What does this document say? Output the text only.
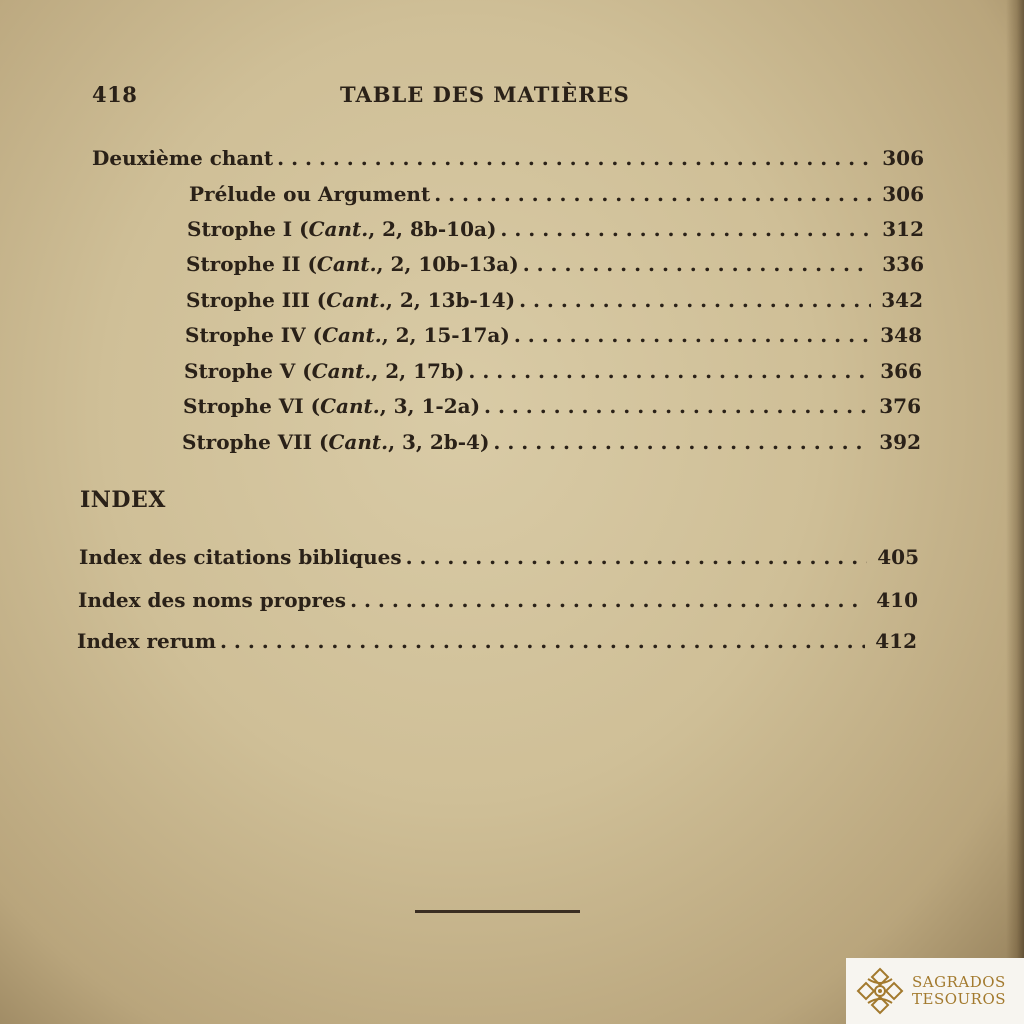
418	TABLE DES MATIÈRES
Deuxième chant . . .	306
Prélude ou Argument . . .	306
Strophe I (Cant., 2, 8b-10a) . . .	312
Strophe II (Cant., 2, 10b-13a) . . .	336
Strophe III (Cant., 2, 13b-14) . . .	342
Strophe IV (Cant., 2, 15-17a) . . .	348
Strophe V (Cant., 2, 17b) . . .	366
Strophe VI (Cant., 3, 1-2a) . . .	376
Strophe VII (Cant., 3, 2b-4) . . .	392
INDEX
Index des citations bibliques . . .	405
Index des noms propres . . .	410
Index rerum . . .	412
SAGRADOS
TESOUROS
